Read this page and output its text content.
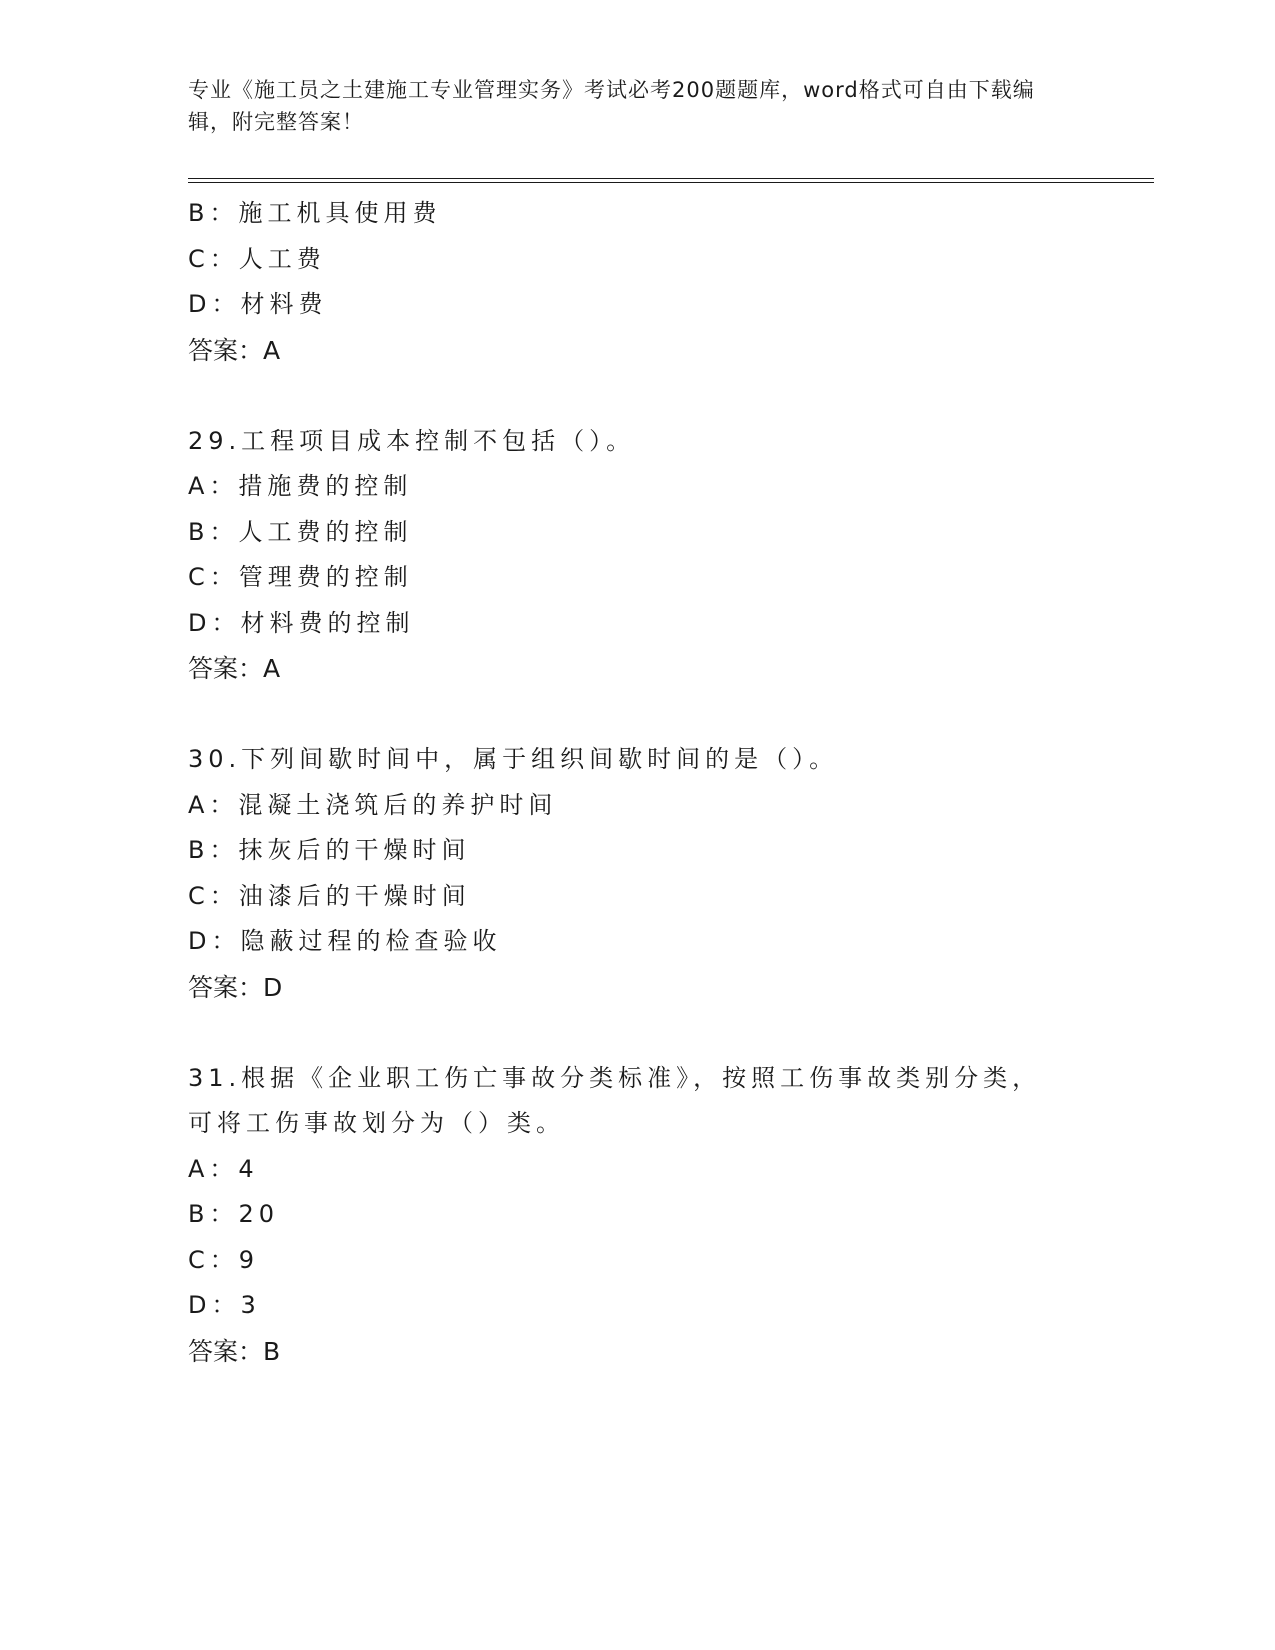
专业《施工员之土建施工专业管理实务》考试必考200题题库，word格式可自由下载编辑，附完整答案！
B：施工机具使用费
C：人工费
D：材料费
答案：A
29.工程项目成本控制不包括（）。
A：措施费的控制
B：人工费的控制
C：管理费的控制
D：材料费的控制
答案：A
30.下列间歇时间中，属于组织间歇时间的是（）。
A：混凝土浇筑后的养护时间
B：抹灰后的干燥时间
C：油漆后的干燥时间
D：隐蔽过程的检查验收
答案：D
31.根据《企业职工伤亡事故分类标准》，按照工伤事故类别分类，可将工伤事故划分为（）类。
A：4
B：20
C：9
D：3
答案：B
